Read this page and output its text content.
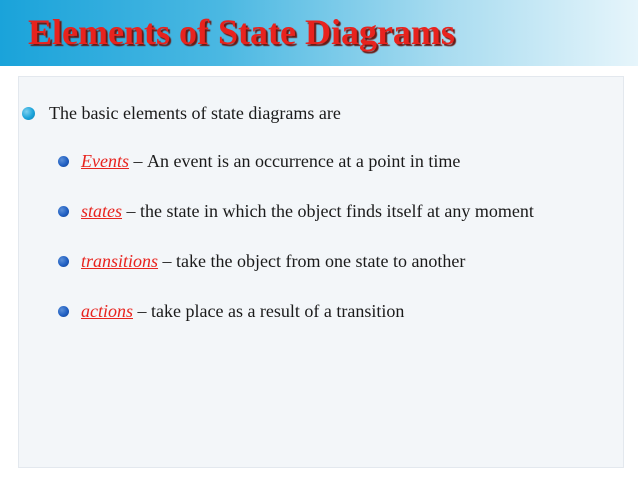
Elements of State Diagrams
The basic elements of state diagrams are
Events – An event is an occurrence at a point in time
states – the state in which the object finds itself at any moment
transitions – take the object from one state to another
actions – take place as a result of a transition
